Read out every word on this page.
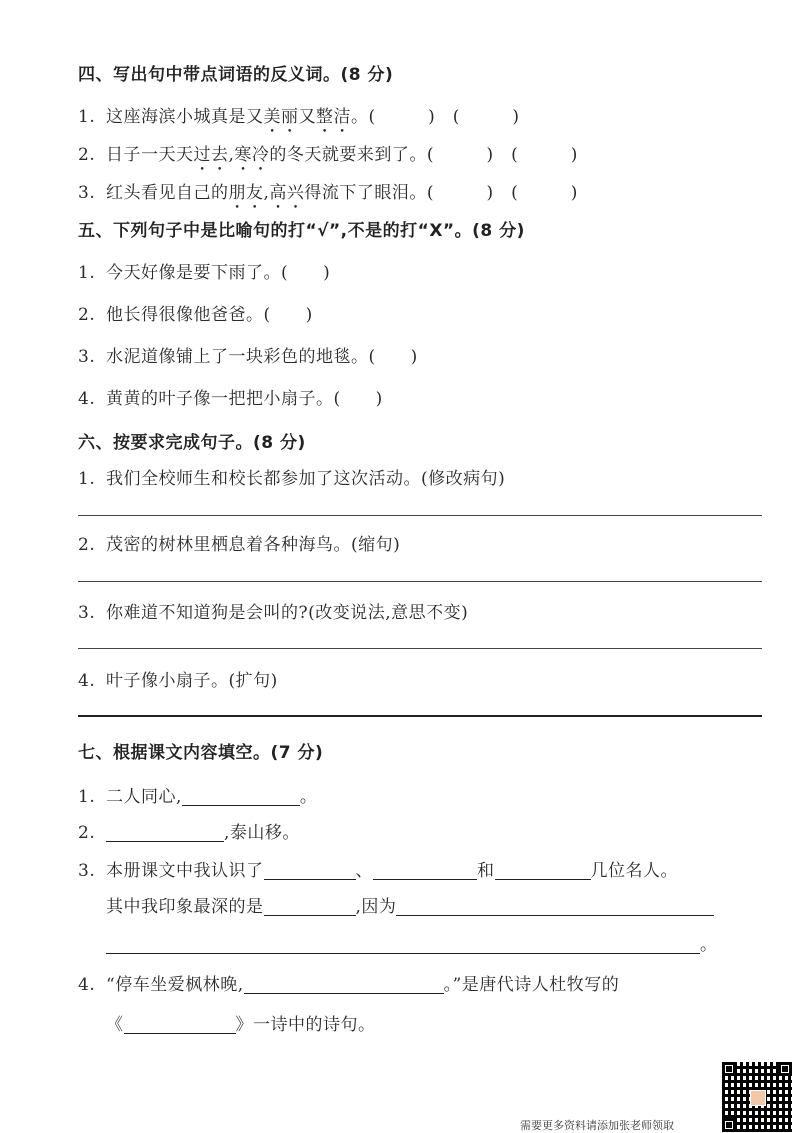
四、写出句中带点词语的反义词。(8 分)
1. 这座海滨小城真是又美丽又整洁。(　　　)　(　　　)
2. 日子一天天过去,寒冷的冬天就要来到了。(　　　)　(　　　)
3. 红头看见自己的朋友,高兴得流下了眼泪。(　　　)　(　　　)
五、下列句子中是比喻句的打“√”,不是的打“X”。(8 分)
1. 今天好像是要下雨了。(　　)
2. 他长得很像他爸爸。(　　)
3. 水泥道像铺上了一块彩色的地毯。(　　)
4. 黄黄的叶子像一把把小扇子。(　　)
六、按要求完成句子。(8 分)
1. 我们全校师生和校长都参加了这次活动。(修改病句)
2. 茂密的树林里栖息着各种海鸟。(缩句)
3. 你难道不知道狗是会叫的?(改变说法,意思不变)
4. 叶子像小扇子。(扩句)
七、根据课文内容填空。(7 分)
1. 二人同心,	。
2.	,泰山移。
3. 本册课文中我认识了	、	和	几位名人。
其中我印象最深的是	,因为
。
4. “停车坐爱枫林晚,	。”是唐代诗人杜牧写的
《	》一诗中的诗句。
需要更多资料请添加张老师领取
